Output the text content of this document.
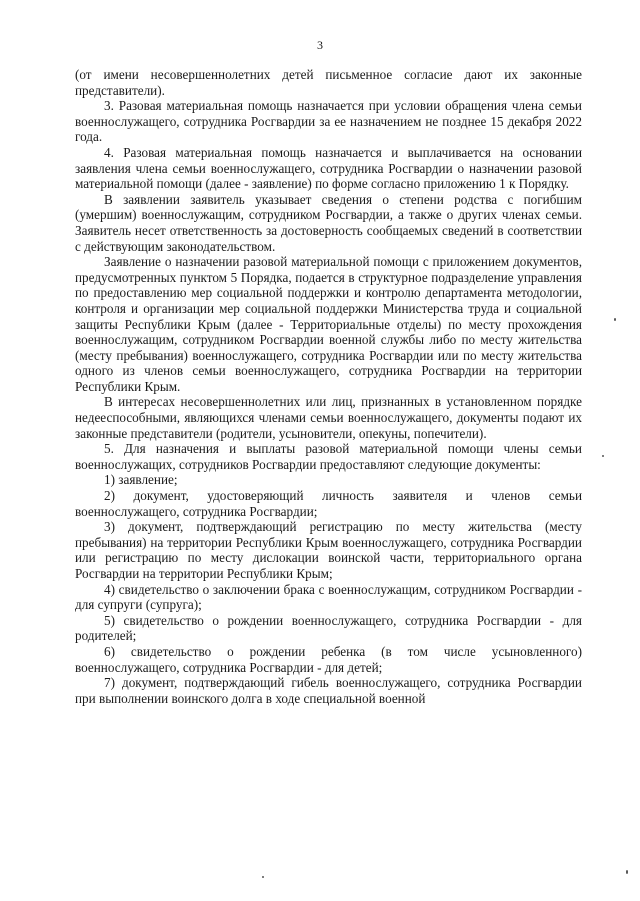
3

(от имени несовершеннолетних детей письменное согласие дают их законные представители).

3. Разовая материальная помощь назначается при условии обращения члена семьи военнослужащего, сотрудника Росгвардии за ее назначением не позднее 15 декабря 2022 года.

4. Разовая материальная помощь назначается и выплачивается на основании заявления члена семьи военнослужащего, сотрудника Росгвардии о назначении разовой материальной помощи (далее - заявление) по форме согласно приложению 1 к Порядку.

В заявлении заявитель указывает сведения о степени родства с погибшим (умершим) военнослужащим, сотрудником Росгвардии, а также о других членах семьи. Заявитель несет ответственность за достоверность сообщаемых сведений в соответствии с действующим законодательством.

Заявление о назначении разовой материальной помощи с приложением документов, предусмотренных пунктом 5 Порядка, подается в структурное подразделение управления по предоставлению мер социальной поддержки и контролю департамента методологии, контроля и организации мер социальной поддержки Министерства труда и социальной защиты Республики Крым (далее - Территориальные отделы) по месту прохождения военнослужащим, сотрудником Росгвардии военной службы либо по месту жительства (месту пребывания) военнослужащего, сотрудника Росгвардии или по месту жительства одного из членов семьи военнослужащего, сотрудника Росгвардии на территории Республики Крым.

В интересах несовершеннолетних или лиц, признанных в установленном порядке недееспособными, являющихся членами семьи военнослужащего, документы подают их законные представители (родители, усыновители, опекуны, попечители).

5. Для назначения и выплаты разовой материальной помощи члены семьи военнослужащих, сотрудников Росгвардии предоставляют следующие документы:

1) заявление;

2) документ, удостоверяющий личность заявителя и членов семьи военнослужащего, сотрудника Росгвардии;

3) документ, подтверждающий регистрацию по месту жительства (месту пребывания) на территории Республики Крым военнослужащего, сотрудника Росгвардии или регистрацию по месту дислокации воинской части, территориального органа Росгвардии на территории Республики Крым;

4) свидетельство о заключении брака с военнослужащим, сотрудником Росгвардии - для супруги (супруга);

5) свидетельство о рождении военнослужащего, сотрудника Росгвардии - для родителей;

6) свидетельство о рождении ребенка (в том числе усыновленного) военнослужащего, сотрудника Росгвардии - для детей;

7) документ, подтверждающий гибель военнослужащего, сотрудника Росгвардии при выполнении воинского долга в ходе специальной военной
